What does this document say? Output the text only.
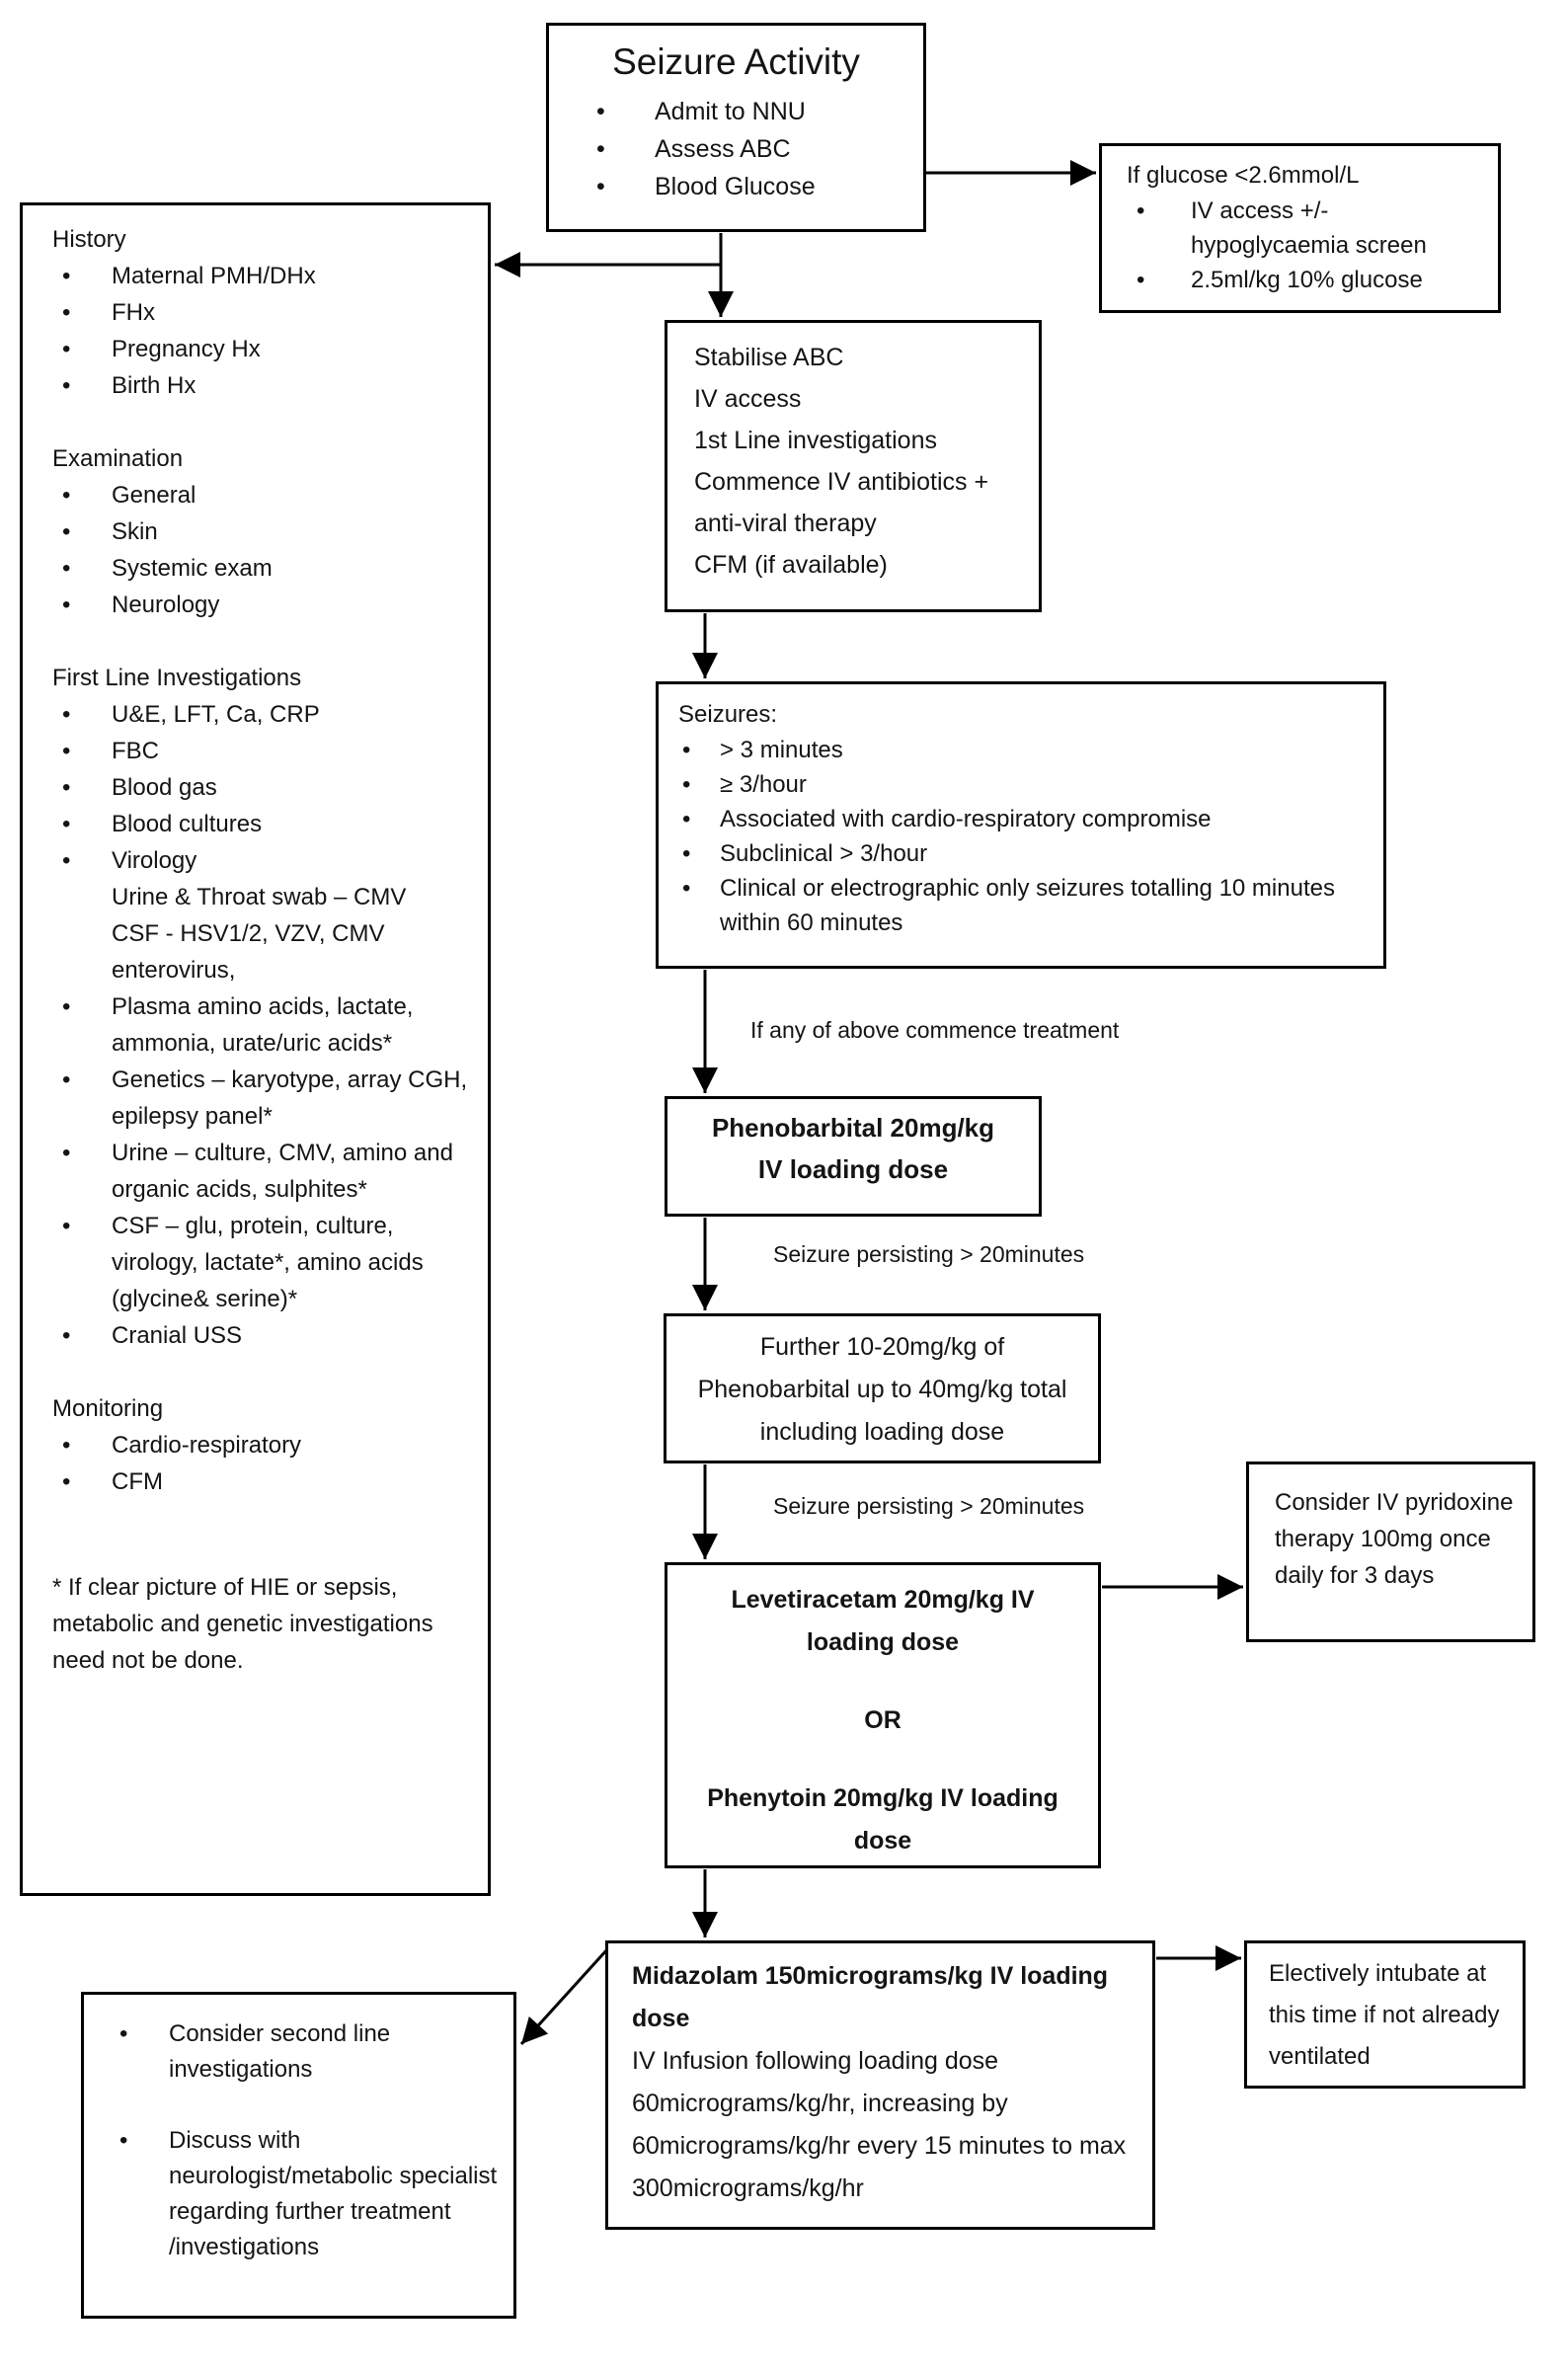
Seizure Activity
• Admit to NNU
• Assess ABC
• Blood Glucose	If glucose <2.6mmol/L
• IV access +/- hypoglycaemia screen
• 2.5ml/kg 10% glucose
History
• Maternal PMH/DHx
• FHx
• Pregnancy Hx
• Birth Hx
Examination
• General
• Skin
• Systemic exam
• Neurology
First Line Investigations
• U&E, LFT, Ca, CRP
• FBC
• Blood gas
• Blood cultures
• Virology
Urine & Throat swab – CMV
CSF - HSV1/2, VZV, CMV
enterovirus,
• Plasma amino acids, lactate, ammonia, urate/uric acids*
• Genetics – karyotype, array CGH, epilepsy panel*
• Urine – culture, CMV, amino and organic acids, sulphites*
• CSF – glu, protein, culture, virology, lactate*, amino acids (glycine& serine)*
• Cranial USS
Monitoring
• Cardio-respiratory
• CFM
* If clear picture of HIE or sepsis, metabolic and genetic investigations need not be done.
Stabilise ABC
IV access
1st Line investigations
Commence IV antibiotics +
anti-viral therapy
CFM (if available)
Seizures:
• > 3 minutes
• ≥ 3/hour
• Associated with cardio-respiratory compromise
• Subclinical > 3/hour
• Clinical or electrographic only seizures totalling 10 minutes within 60 minutes
If any of above commence treatment
Seizure persisting > 20minutes
Seizure persisting > 20minutes
Phenobarbital 20mg/kg IV loading dose
Further 10-20mg/kg of Phenobarbital up to 40mg/kg total including loading dose
Levetiracetam 20mg/kg IV loading dose
OR
Phenytoin 20mg/kg IV loading dose
Consider IV pyridoxine therapy 100mg once daily for 3 days
Midazolam 150micrograms/kg IV loading dose
IV Infusion following loading dose 60micrograms/kg/hr, increasing by 60micrograms/kg/hr every 15 minutes to max 300micrograms/kg/hr
Electively intubate at this time if not already ventilated
• Consider second line investigations
• Discuss with neurologist/metabolic specialist regarding further treatment /investigations
